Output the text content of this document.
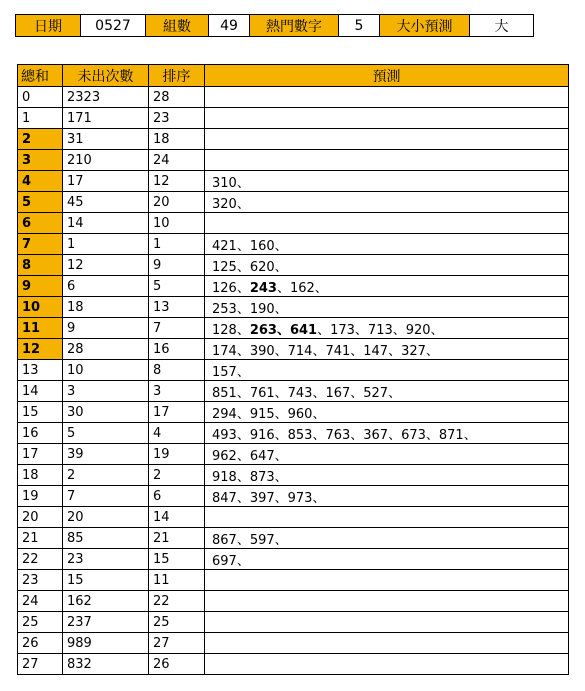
日期	0527	組數	49	熱門數字	5	大小預測	大
總和	未出次數	排序	預測
0	2323	28	
1	171	23	
2	31	18	
3	210	24	
4	17	12	310、
5	45	20	320、
6	14	10	
7	1	1	421、160、
8	12	9	125、620、
9	6	5	126、243、162、
10	18	13	253、190、
11	9	7	128、263、641、173、713、920、
12	28	16	174、390、714、741、147、327、
13	10	8	157、
14	3	3	851、761、743、167、527、
15	30	17	294、915、960、
16	5	4	493、916、853、763、367、673、871、
17	39	19	962、647、
18	2	2	918、873、
19	7	6	847、397、973、
20	20	14	
21	85	21	867、597、
22	23	15	697、
23	15	11	
24	162	22	
25	237	25	
26	989	27	
27	832	26	
